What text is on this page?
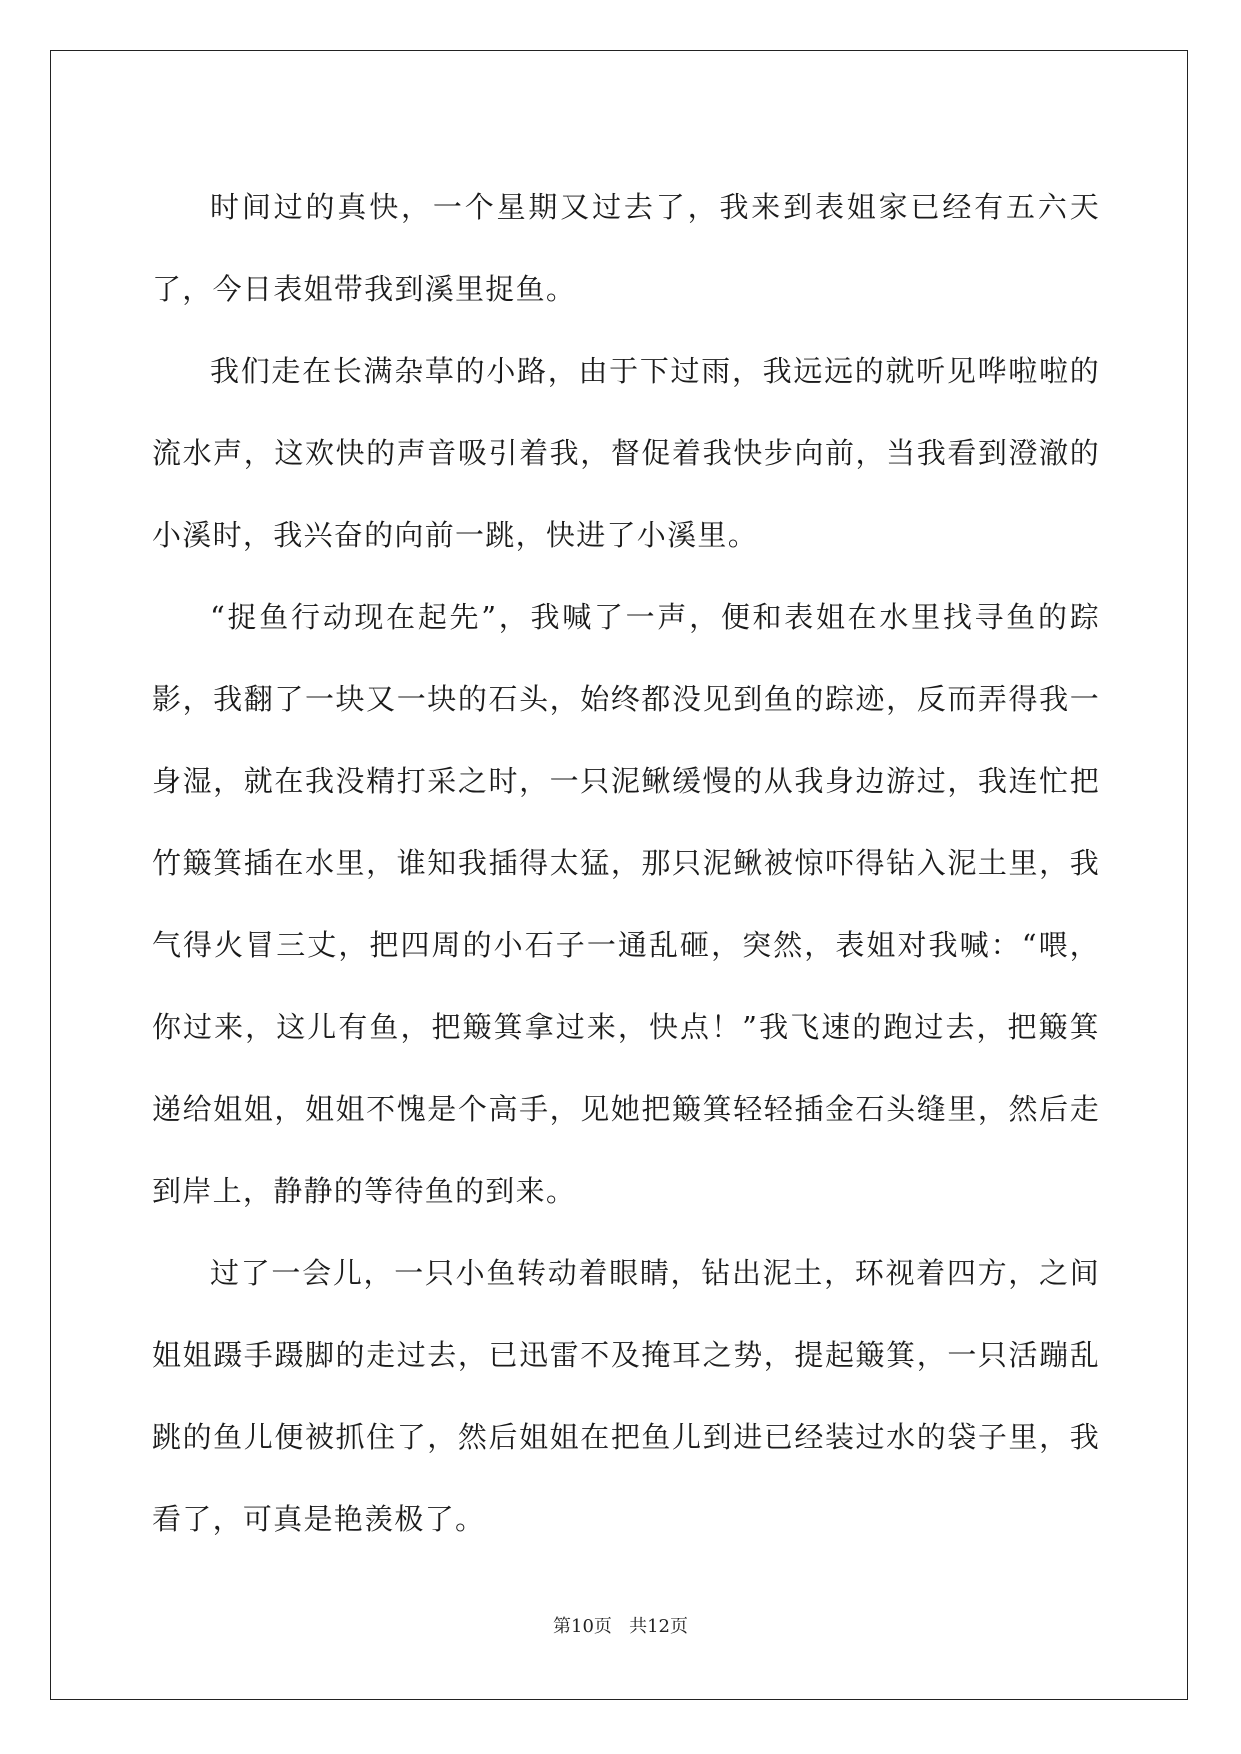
时间过的真快，一个星期又过去了，我来到表姐家已经有五六天了，今日表姐带我到溪里捉鱼。

我们走在长满杂草的小路，由于下过雨，我远远的就听见哗啦啦的流水声，这欢快的声音吸引着我，督促着我快步向前，当我看到澄澈的小溪时，我兴奋的向前一跳，快进了小溪里。

“捉鱼行动现在起先”，我喊了一声，便和表姐在水里找寻鱼的踪影，我翻了一块又一块的石头，始终都没见到鱼的踪迹，反而弄得我一身湿，就在我没精打采之时，一只泥鳅缓慢的从我身边游过，我连忙把竹簸箕插在水里，谁知我插得太猛，那只泥鳅被惊吓得钻入泥土里，我气得火冒三丈，把四周的小石子一通乱砸，突然，表姐对我喊：“喂，你过来，这儿有鱼，把簸箕拿过来，快点！”我飞速的跑过去，把簸箕递给姐姐，姐姐不愧是个高手，见她把簸箕轻轻插金石头缝里，然后走到岸上，静静的等待鱼的到来。

过了一会儿，一只小鱼转动着眼睛，钻出泥土，环视着四方，之间姐姐蹑手蹑脚的走过去，已迅雷不及掩耳之势，提起簸箕，一只活蹦乱跳的鱼儿便被抓住了，然后姐姐在把鱼儿到进已经装过水的袋子里，我看了，可真是艳羡极了。

第10页   共12页
